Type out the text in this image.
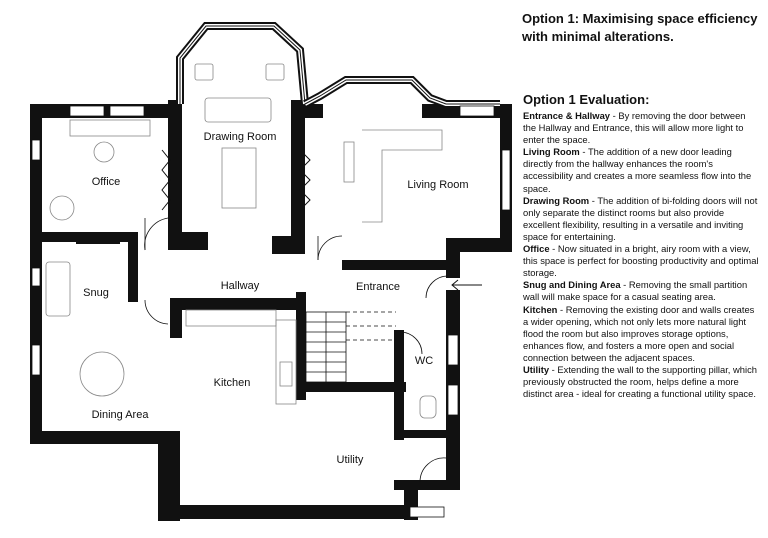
Drawing Room
Office	Living Room
Snug
Hallway	Entrance
Kitchen
WC
Dining Area
Utility
Option 1: Maximising space efficiency with minimal alterations.
Option 1 Evaluation:

Entrance & Hallway - By removing the door between the Hallway and Entrance, this will allow more light to enter the space.

Living Room - The addition of a new door leading directly from the hallway enhances the room's accessibility and creates a more seamless flow into the space.

Drawing Room - The addition of bi-folding doors will not only separate the distinct rooms but also provide excellent flexibility, resulting in a versatile and inviting space for entertaining.

Office - Now situated in a bright, airy room with a view, this space is perfect for boosting productivity and optimal storage.

Snug and Dining Area - Removing the small partition wall will make space for a casual seating area.

Kitchen - Removing the existing door and walls creates a wider opening, which not only lets more natural light flood the room but also improves storage options, enhances flow, and fosters a more open and social connection between the adjacent spaces.

Utility - Extending the wall to the supporting pillar, which previously obstructed the room, helps define a more distinct area - ideal for creating a functional utility space.
